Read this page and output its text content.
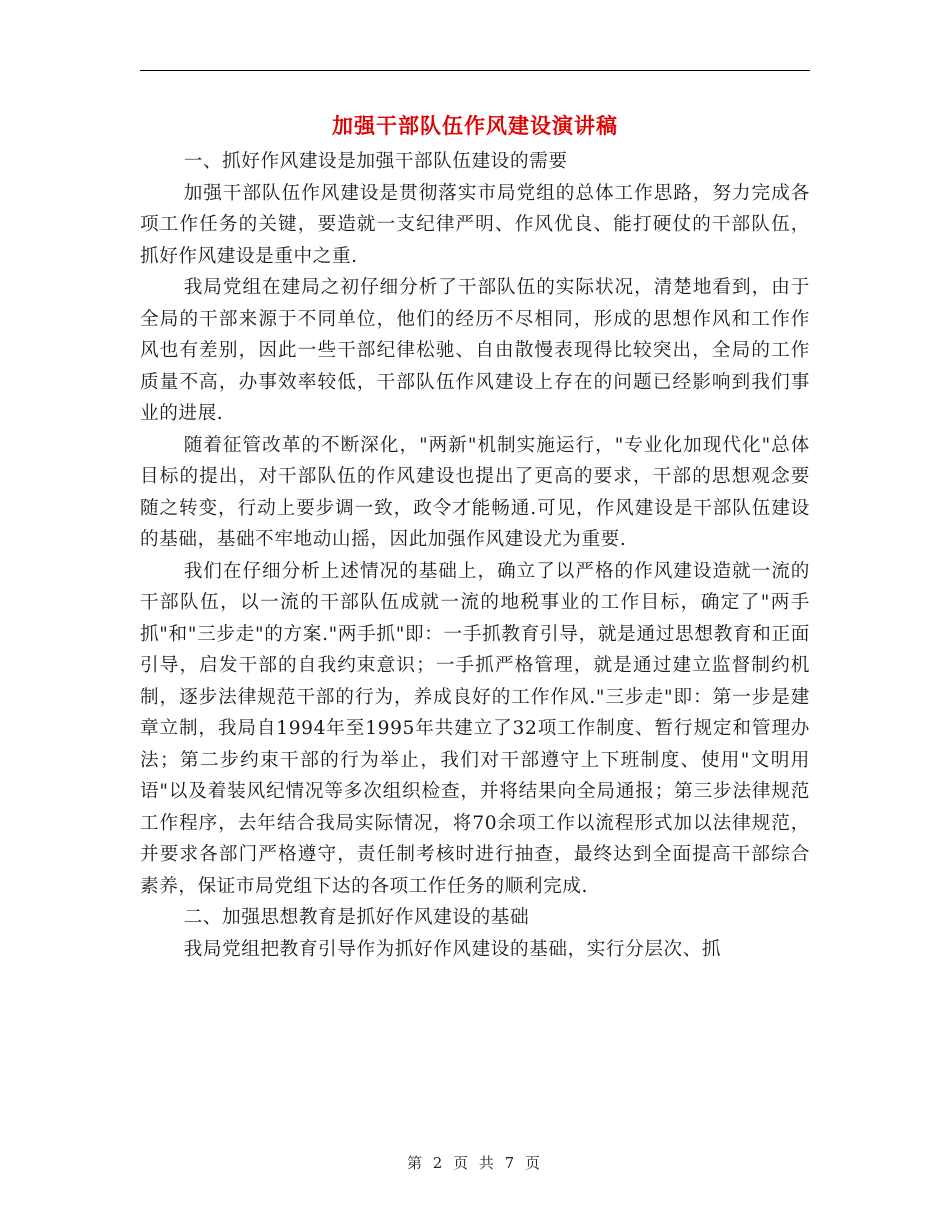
加强干部队伍作风建设演讲稿

一、抓好作风建设是加强干部队伍建设的需要

加强干部队伍作风建设是贯彻落实市局党组的总体工作思路，努力完成各项工作任务的关键，要造就一支纪律严明、作风优良、能打硬仗的干部队伍，抓好作风建设是重中之重.

我局党组在建局之初仔细分析了干部队伍的实际状况，清楚地看到，由于全局的干部来源于不同单位，他们的经历不尽相同，形成的思想作风和工作作风也有差别，因此一些干部纪律松驰、自由散慢表现得比较突出，全局的工作质量不高，办事效率较低，干部队伍作风建设上存在的问题已经影响到我们事业的进展.

随着征管改革的不断深化，"两新"机制实施运行，"专业化加现代化"总体目标的提出，对干部队伍的作风建设也提出了更高的要求，干部的思想观念要随之转变，行动上要步调一致，政令才能畅通.可见，作风建设是干部队伍建设的基础，基础不牢地动山摇，因此加强作风建设尤为重要.

我们在仔细分析上述情况的基础上，确立了以严格的作风建设造就一流的干部队伍，以一流的干部队伍成就一流的地税事业的工作目标，确定了"两手抓"和"三步走"的方案."两手抓"即：一手抓教育引导，就是通过思想教育和正面引导，启发干部的自我约束意识；一手抓严格管理，就是通过建立监督制约机制，逐步法律规范干部的行为，养成良好的工作作风."三步走"即：第一步是建章立制，我局自1994年至1995年共建立了32项工作制度、暂行规定和管理办法；第二步约束干部的行为举止，我们对干部遵守上下班制度、使用"文明用语"以及着装风纪情况等多次组织检查，并将结果向全局通报；第三步法律规范工作程序，去年结合我局实际情况，将70余项工作以流程形式加以法律规范，并要求各部门严格遵守，责任制考核时进行抽查，最终达到全面提高干部综合素养，保证市局党组下达的各项工作任务的顺利完成.

二、加强思想教育是抓好作风建设的基础

我局党组把教育引导作为抓好作风建设的基础，实行分层次、抓

第 2 页 共 7 页
